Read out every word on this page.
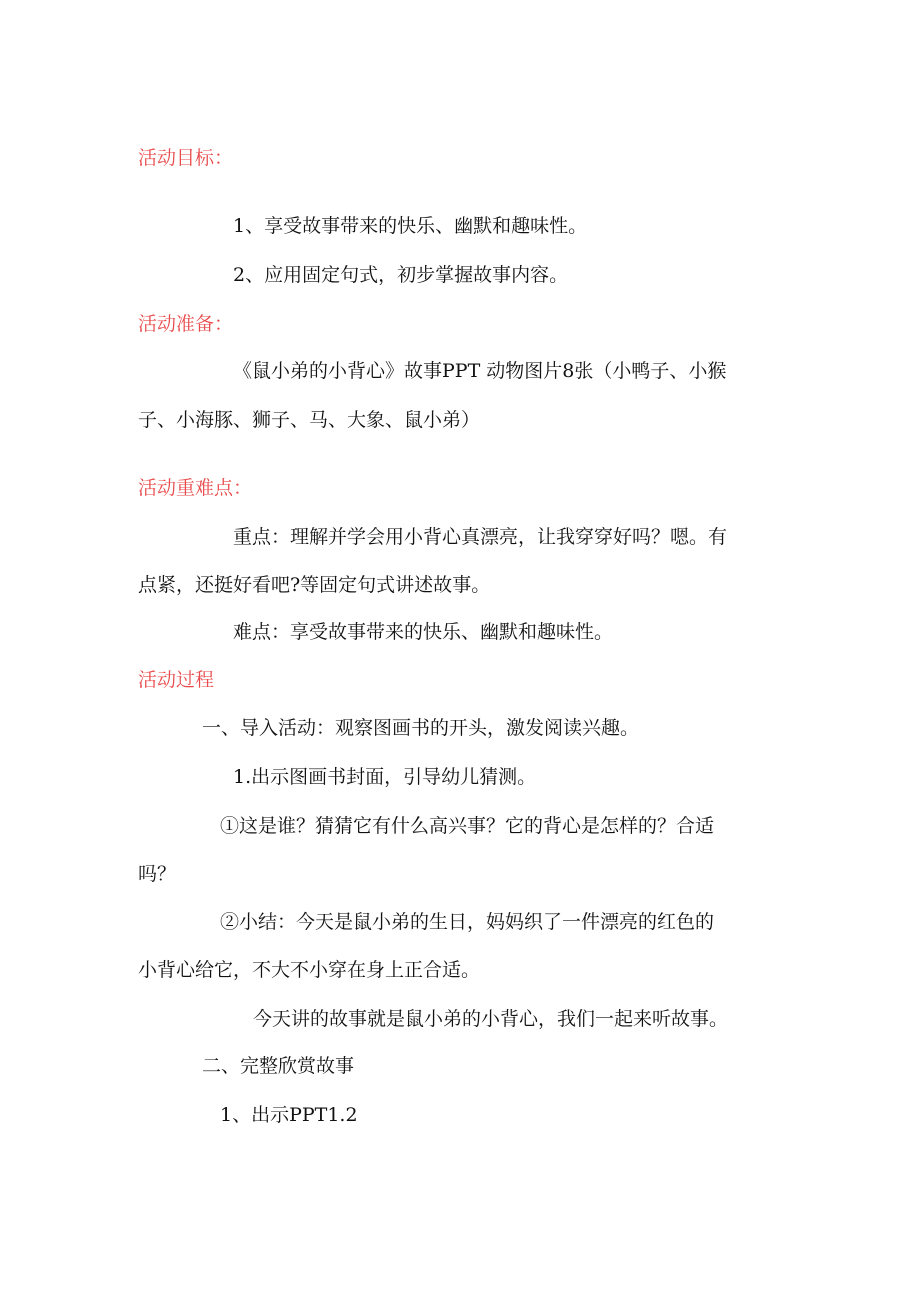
活动目标：
1、享受故事带来的快乐、幽默和趣味性。
2、应用固定句式，初步掌握故事内容。
活动准备：
《鼠小弟的小背心》故事PPT 动物图片8张（小鸭子、小猴
子、小海豚、狮子、马、大象、鼠小弟）
活动重难点：
重点：理解并学会用小背心真漂亮，让我穿穿好吗？嗯。有
点紧，还挺好看吧?等固定句式讲述故事。
难点：享受故事带来的快乐、幽默和趣味性。
活动过程
一、导入活动：观察图画书的开头，激发阅读兴趣。
1.出示图画书封面，引导幼儿猜测。
①这是谁？猜猜它有什么高兴事？它的背心是怎样的？合适
吗？
②小结：今天是鼠小弟的生日，妈妈织了一件漂亮的红色的
小背心给它，不大不小穿在身上正合适。
今天讲的故事就是鼠小弟的小背心，我们一起来听故事。
二、完整欣赏故事
1、出示PPT1.2
